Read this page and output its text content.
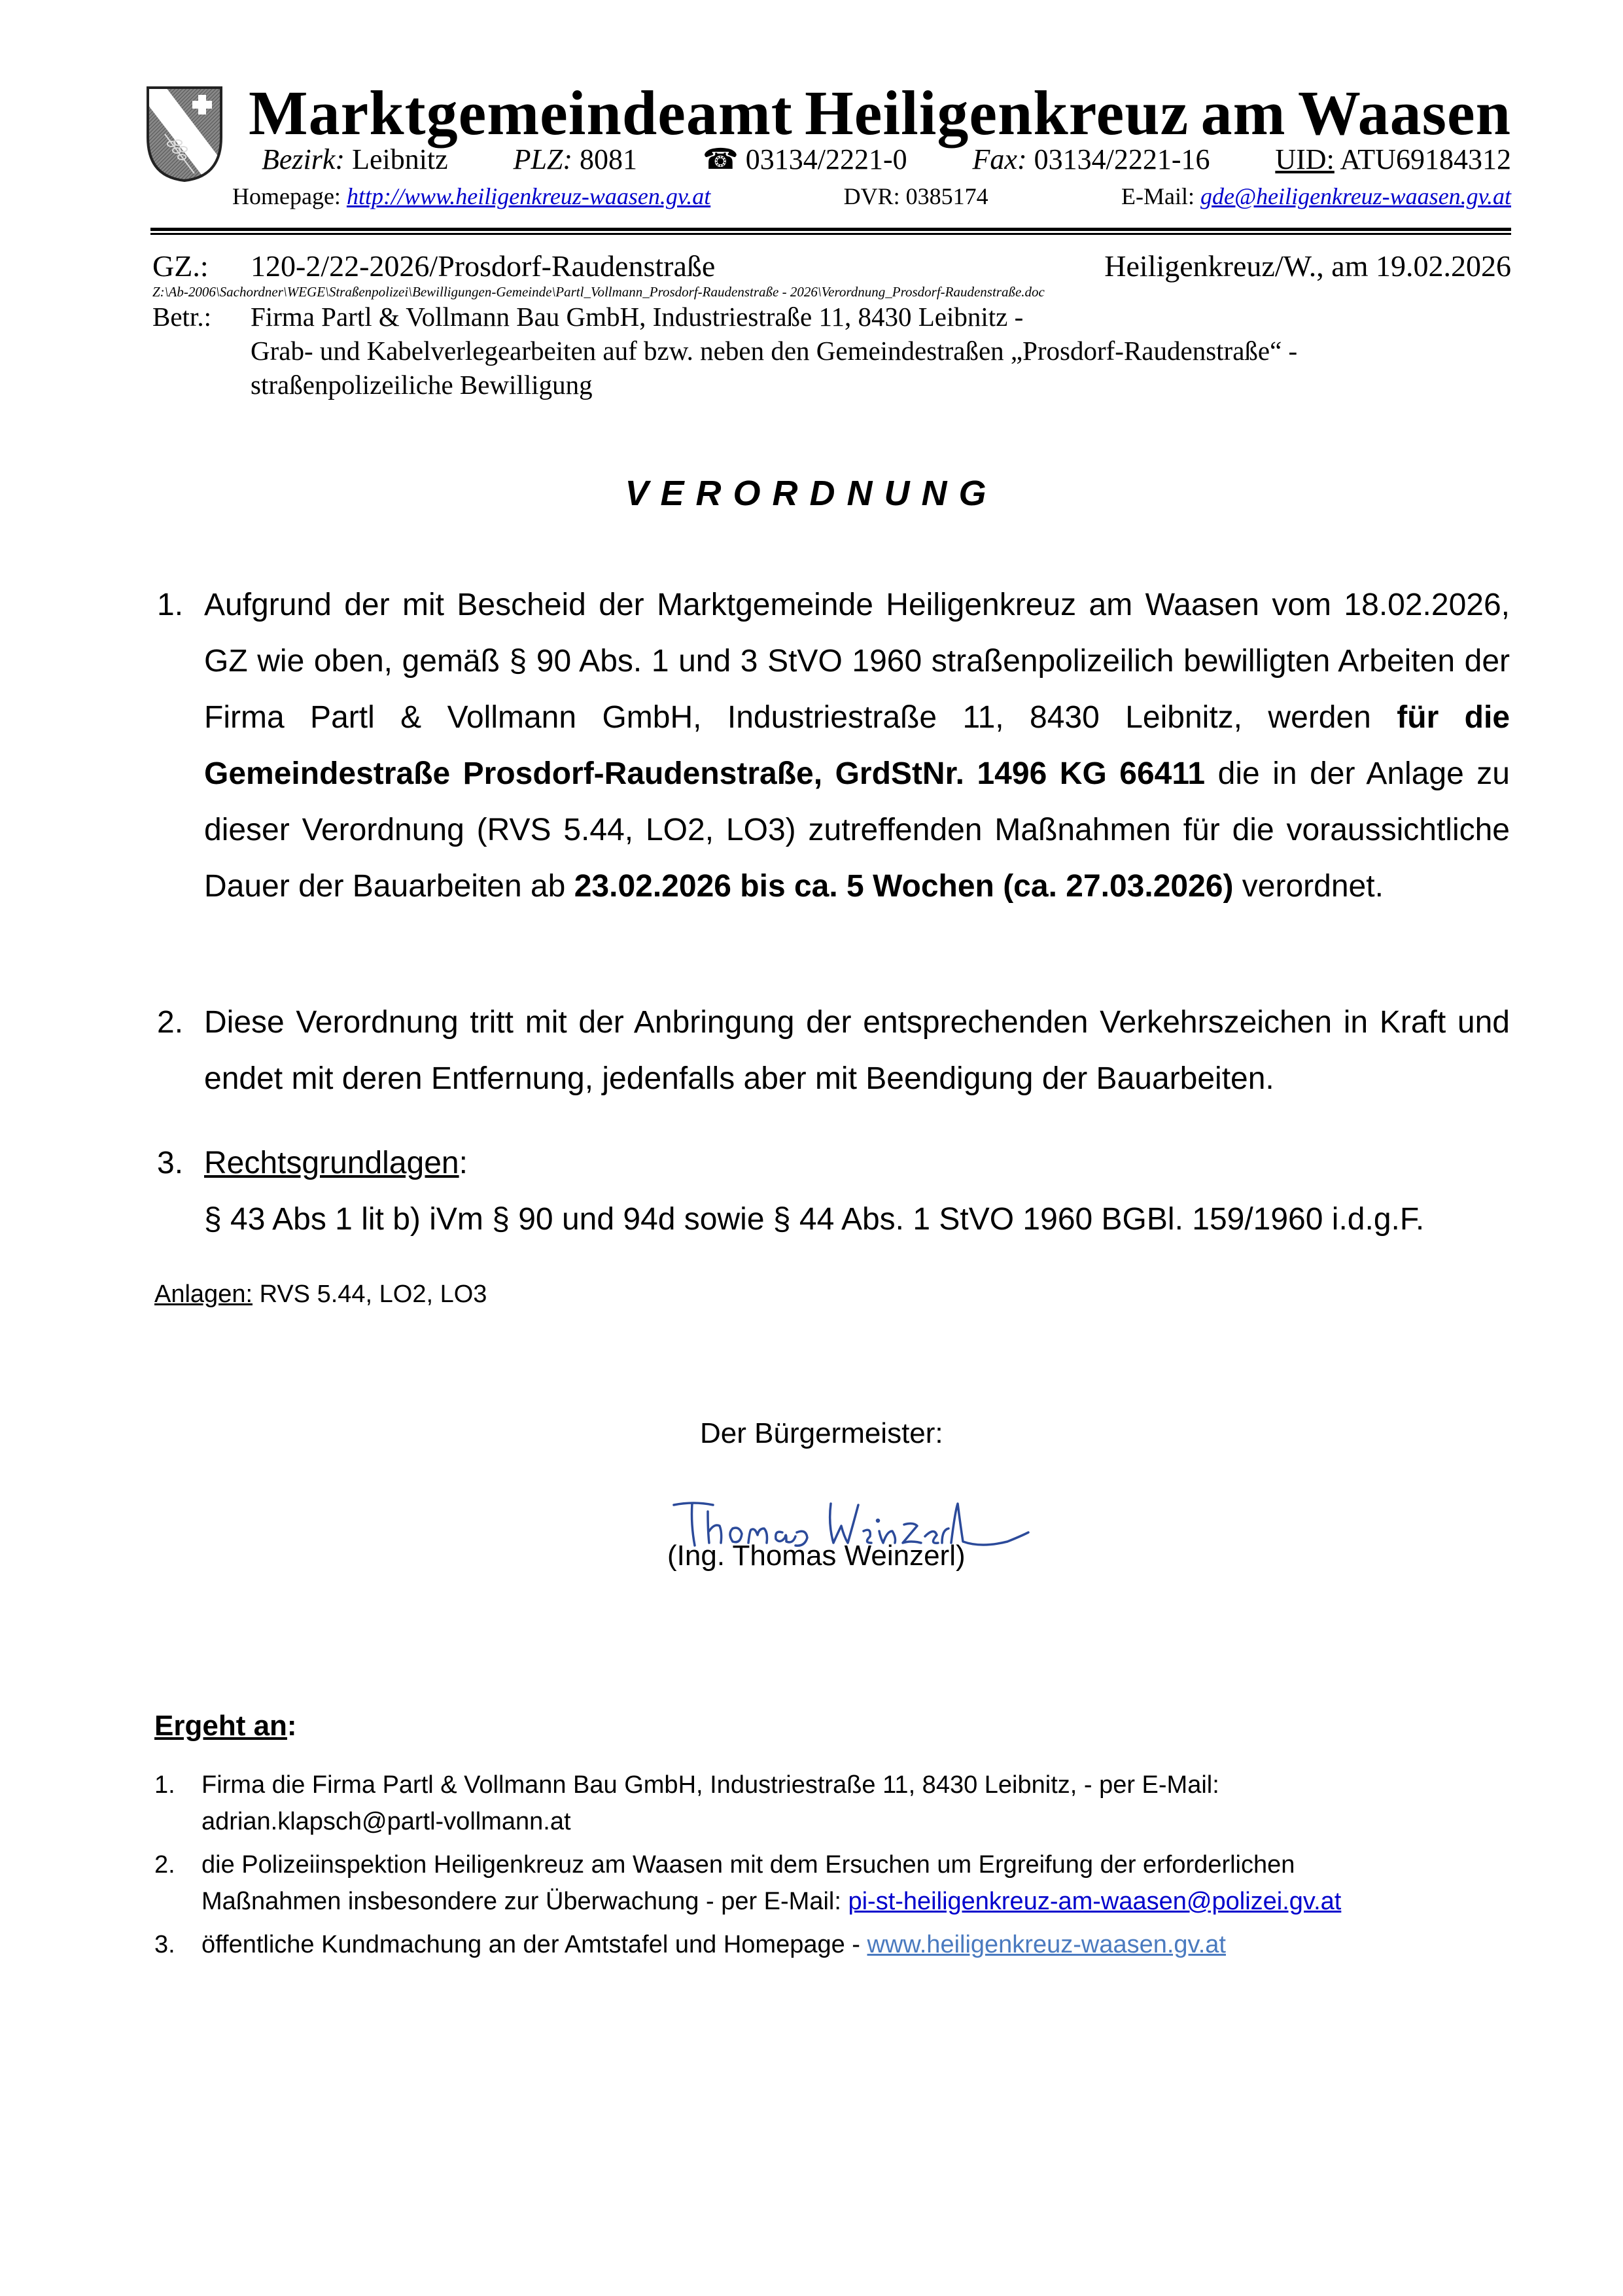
Marktgemeindeamt Heiligenkreuz am Waasen
Bezirk: Leibnitz PLZ: 8081 ☎ 03134/2221-0 Fax: 03134/2221-16 UID: ATU69184312
Homepage: http://www.heiligenkreuz-waasen.gv.at	DVR: 0385174	E-Mail: gde@heiligenkreuz-waasen.gv.at
GZ.: 120-2/22-2026/Prosdorf-Raudenstraße	Heiligenkreuz/W., am 19.02.2026
Z:\Ab-2006\Sachordner\WEGE\Straßenpolizei\Bewilligungen-Gemeinde\Partl_Vollmann_Prosdorf-Raudenstraße - 2026\Verordnung_Prosdorf-Raudenstraße.doc
Betr.: Firma Partl & Vollmann Bau GmbH, Industriestraße 11, 8430 Leibnitz -
Grab- und Kabelverlegearbeiten auf bzw. neben den Gemeindestraßen „Prosdorf-Raudenstraße“ -
straßenpolizeiliche Bewilligung
VERORDNUNG
1. Aufgrund der mit Bescheid der Marktgemeinde Heiligenkreuz am Waasen vom 18.02.2026, GZ wie oben, gemäß § 90 Abs. 1 und 3 StVO 1960 straßenpolizeilich bewilligten Arbeiten der Firma Partl & Vollmann GmbH, Industriestraße 11, 8430 Leibnitz, werden für die Gemeindestraße Prosdorf-Raudenstraße, GrdStNr. 1496 KG 66411 die in der Anlage zu dieser Verordnung (RVS 5.44, LO2, LO3) zutreffenden Maßnahmen für die voraussichtliche Dauer der Bauarbeiten ab 23.02.2026 bis ca. 5 Wochen (ca. 27.03.2026) verordnet.
2. Diese Verordnung tritt mit der Anbringung der entsprechenden Verkehrszeichen in Kraft und endet mit deren Entfernung, jedenfalls aber mit Beendigung der Bauarbeiten.
3. Rechtsgrundlagen:
§ 43 Abs 1 lit b) iVm § 90 und 94d sowie § 44 Abs. 1 StVO 1960 BGBl. 159/1960 i.d.g.F.
Anlagen: RVS 5.44, LO2, LO3
Der Bürgermeister:
(Ing. Thomas Weinzerl)
Ergeht an:
1. Firma die Firma Partl & Vollmann Bau GmbH, Industriestraße 11, 8430 Leibnitz, - per E-Mail:
adrian.klapsch@partl-vollmann.at
2. die Polizeiinspektion Heiligenkreuz am Waasen mit dem Ersuchen um Ergreifung der erforderlichen
Maßnahmen insbesondere zur Überwachung - per E-Mail: pi-st-heiligenkreuz-am-waasen@polizei.gv.at
3. öffentliche Kundmachung an der Amtstafel und Homepage - www.heiligenkreuz-waasen.gv.at
